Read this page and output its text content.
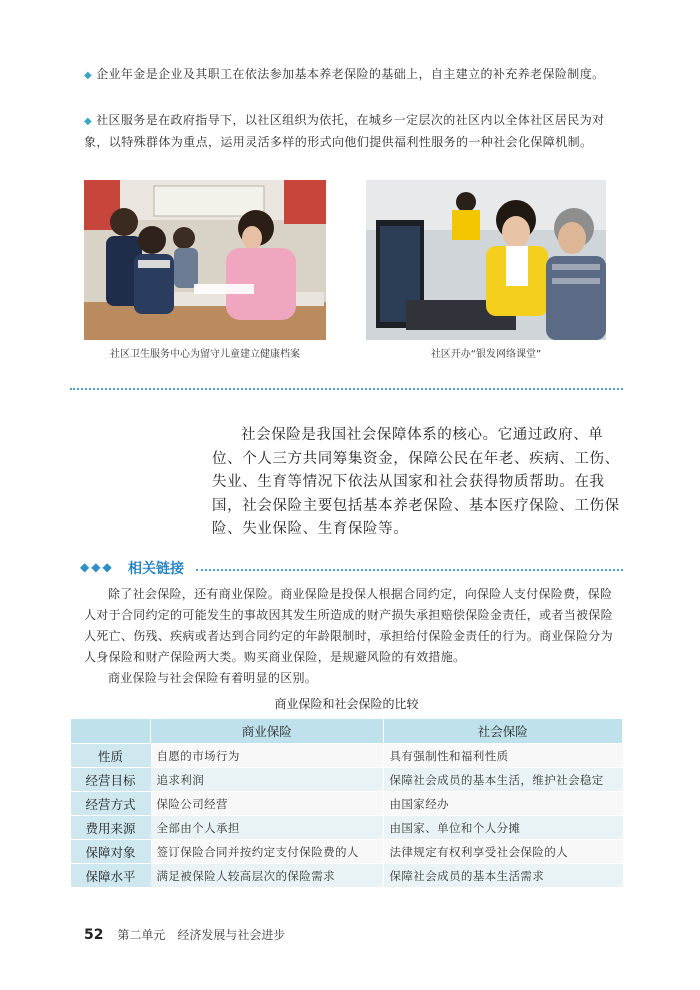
◆ 企业年金是企业及其职工在依法参加基本养老保险的基础上，自主建立的补充养老保险制度。
◆ 社区服务是在政府指导下，以社区组织为依托，在城乡一定层次的社区内以全体社区居民为对象，以特殊群体为重点，运用灵活多样的形式向他们提供福利性服务的一种社会化保障机制。
社区卫生服务中心为留守儿童建立健康档案	社区开办“银发网络课堂”
社会保险是我国社会保障体系的核心。它通过政府、单位、个人三方共同筹集资金，保障公民在年老、疾病、工伤、失业、生育等情况下依法从国家和社会获得物质帮助。在我国，社会保险主要包括基本养老保险、基本医疗保险、工伤保险、失业保险、生育保险等。
◆◆◆ 相关链接

除了社会保险，还有商业保险。商业保险是投保人根据合同约定，向保险人支付保险费，保险人对于合同约定的可能发生的事故因其发生所造成的财产损失承担赔偿保险金责任，或者当被保险人死亡、伤残、疾病或者达到合同约定的年龄限制时，承担给付保险金责任的行为。商业保险分为人身保险和财产保险两大类。购买商业保险，是规避风险的有效措施。

商业保险与社会保险有着明显的区别。

商业保险和社会保险的比较
	商业保险	社会保险
性质	自愿的市场行为	具有强制性和福利性质
经营目标	追求利润	保障社会成员的基本生活，维护社会稳定
经营方式	保险公司经营	由国家经办
费用来源	全部由个人承担	由国家、单位和个人分摊
保障对象	签订保险合同并按约定支付保险费的人	法律规定有权利享受社会保险的人
保障水平	满足被保险人较高层次的保险需求	保障社会成员的基本生活需求
52 第二单元　经济发展与社会进步
